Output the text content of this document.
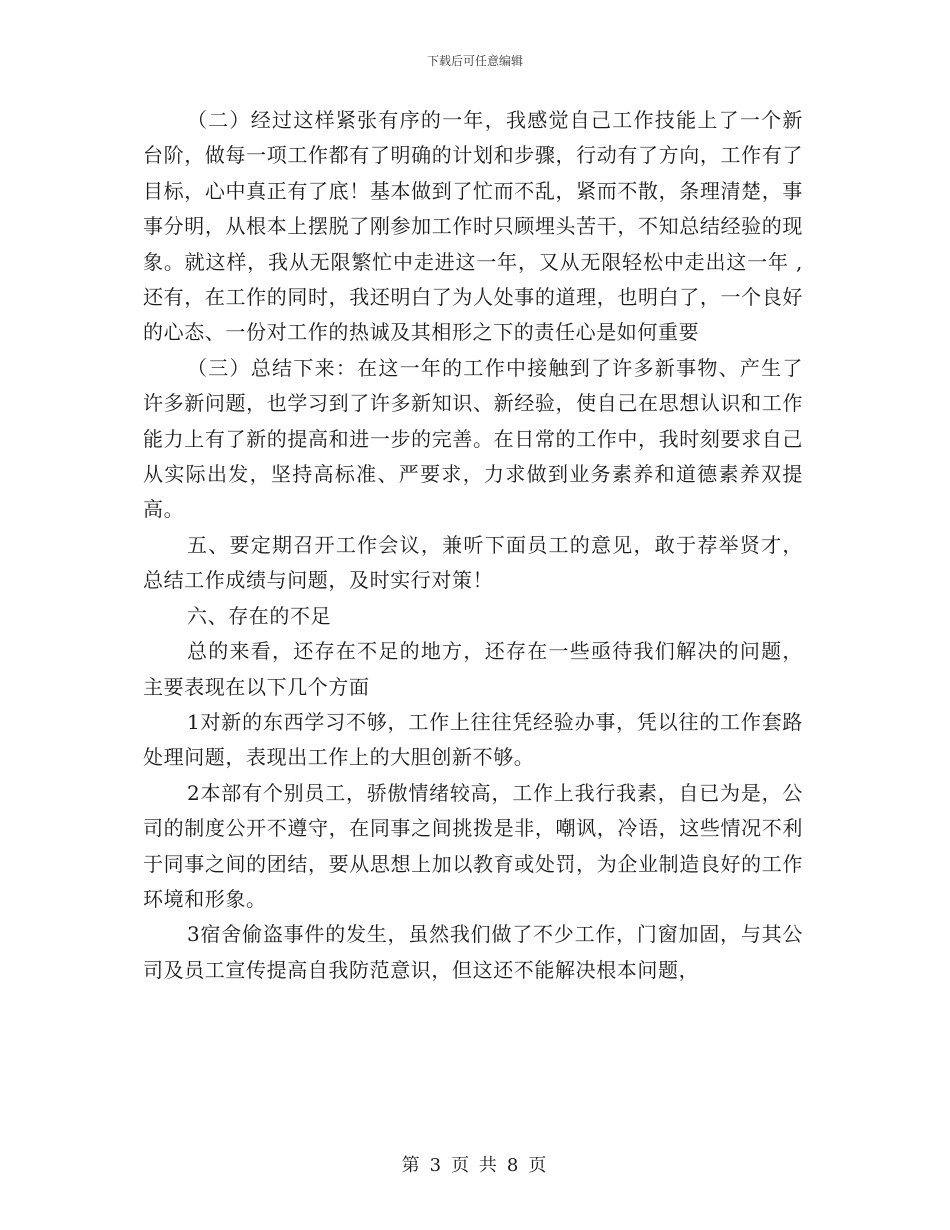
下载后可任意编辑

（二）经过这样紧张有序的一年，我感觉自己工作技能上了一个新台阶，做每一项工作都有了明确的计划和步骤，行动有了方向，工作有了目标，心中真正有了底！基本做到了忙而不乱，紧而不散，条理清楚，事事分明，从根本上摆脱了刚参加工作时只顾埋头苦干，不知总结经验的现象。就这样，我从无限繁忙中走进这一年，又从无限轻松中走出这一年 ,还有，在工作的同时，我还明白了为人处事的道理，也明白了，一个良好的心态、一份对工作的热诚及其相形之下的责任心是如何重要

（三）总结下来：在这一年的工作中接触到了许多新事物、产生了许多新问题，也学习到了许多新知识、新经验，使自己在思想认识和工作能力上有了新的提高和进一步的完善。在日常的工作中，我时刻要求自己从实际出发，坚持高标准、严要求，力求做到业务素养和道德素养双提高。

五、要定期召开工作会议，兼听下面员工的意见，敢于荐举贤才，总结工作成绩与问题，及时实行对策！

六、存在的不足

总的来看，还存在不足的地方，还存在一些亟待我们解决的问题，主要表现在以下几个方面

1对新的东西学习不够，工作上往往凭经验办事，凭以往的工作套路处理问题，表现出工作上的大胆创新不够。

2本部有个别员工，骄傲情绪较高，工作上我行我素，自已为是，公司的制度公开不遵守，在同事之间挑拨是非，嘲讽，冷语，这些情况不利于同事之间的团结，要从思想上加以教育或处罚，为企业制造良好的工作环境和形象。

3宿舍偷盗事件的发生，虽然我们做了不少工作，门窗加固，与其公司及员工宣传提高自我防范意识，但这还不能解决根本问题，

第 3 页 共 8 页
